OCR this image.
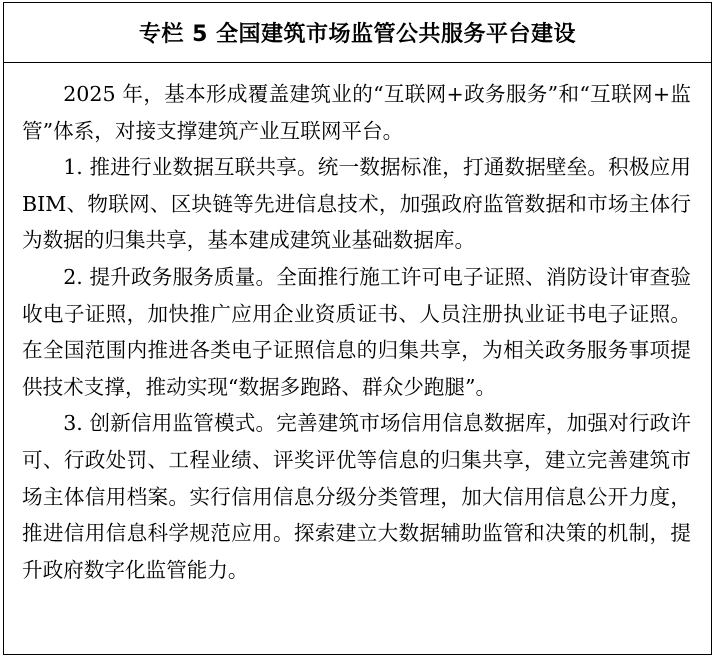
专栏 5 全国建筑市场监管公共服务平台建设

2025 年，基本形成覆盖建筑业的“互联网+政务服务”和“互联网+监管”体系，对接支撑建筑产业互联网平台。

1. 推进行业数据互联共享。统一数据标准，打通数据壁垒。积极应用 BIM、物联网、区块链等先进信息技术，加强政府监管数据和市场主体行为数据的归集共享，基本建成建筑业基础数据库。

2. 提升政务服务质量。全面推行施工许可电子证照、消防设计审查验收电子证照，加快推广应用企业资质证书、人员注册执业证书电子证照。在全国范围内推进各类电子证照信息的归集共享，为相关政务服务事项提供技术支撑，推动实现“数据多跑路、群众少跑腿”。

3. 创新信用监管模式。完善建筑市场信用信息数据库，加强对行政许可、行政处罚、工程业绩、评奖评优等信息的归集共享，建立完善建筑市场主体信用档案。实行信用信息分级分类管理，加大信用信息公开力度，推进信用信息科学规范应用。探索建立大数据辅助监管和决策的机制，提升政府数字化监管能力。
